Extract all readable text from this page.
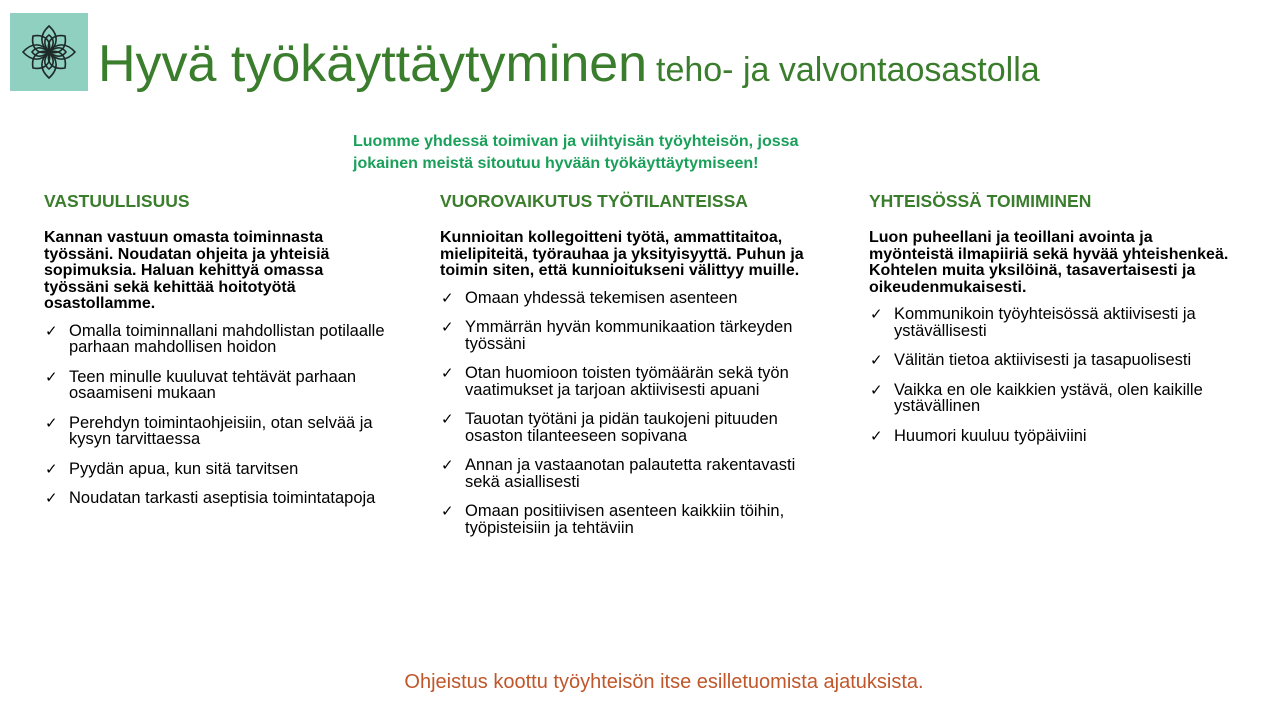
Hyvä työkäyttäytyminen teho- ja valvontaosastolla

Luomme yhdessä toimivan ja viihtyisän työyhteisön, jossa
jokainen meistä sitoutuu hyvään työkäyttäytymiseen!

VASTUULLISUUS

Kannan vastuun omasta toiminnasta työssäni. Noudatan ohjeita ja yhteisiä sopimuksia. Haluan kehittyä omassa työssäni sekä kehittää hoitotyötä osastollamme.

✓ Omalla toiminnallani mahdollistan potilaalle parhaan mahdollisen hoidon
✓ Teen minulle kuuluvat tehtävät parhaan osaamiseni mukaan
✓ Perehdyn toimintaohjeisiin, otan selvää ja kysyn tarvittaessa
✓ Pyydän apua, kun sitä tarvitsen
✓ Noudatan tarkasti aseptisia toimintatapoja
VUOROVAIKUTUS TYÖTILANTEISSA

Kunnioitan kollegoitteni työtä, ammattitaitoa, mielipiteitä, työrauhaa ja yksityisyyttä. Puhun ja toimin siten, että kunnioitukseni välittyy muille.

✓ Omaan yhdessä tekemisen asenteen
✓ Ymmärrän hyvän kommunikaation tärkeyden työssäni
✓ Otan huomioon toisten työmäärän sekä työn vaatimukset ja tarjoan aktiivisesti apuani
✓ Tauotan työtäni ja pidän taukojeni pituuden osaston tilanteeseen sopivana
✓ Annan ja vastaanotan palautetta rakentavasti sekä asiallisesti
✓ Omaan positiivisen asenteen kaikkiin töihin, työpisteisiin ja tehtäviin
YHTEISÖSSÄ TOIMIMINEN

Luon puheellani ja teoillani avointa ja myönteistä ilmapiiriä sekä hyvää yhteishenkeä. Kohtelen muita yksilöinä, tasavertaisesti ja oikeudenmukaisesti.

✓ Kommunikoin työyhteisössä aktiivisesti ja ystävällisesti
✓ Välitän tietoa aktiivisesti ja tasapuolisesti
✓ Vaikka en ole kaikkien ystävä, olen kaikille ystävällinen
✓ Huumori kuuluu työpäiviini

Ohjeistus koottu työyhteisön itse esilletuomista ajatuksista.
